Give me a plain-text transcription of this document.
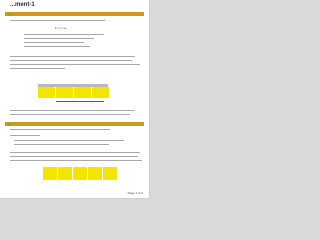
...ment-1
...
F = c / a
...
Page 1 of 2
